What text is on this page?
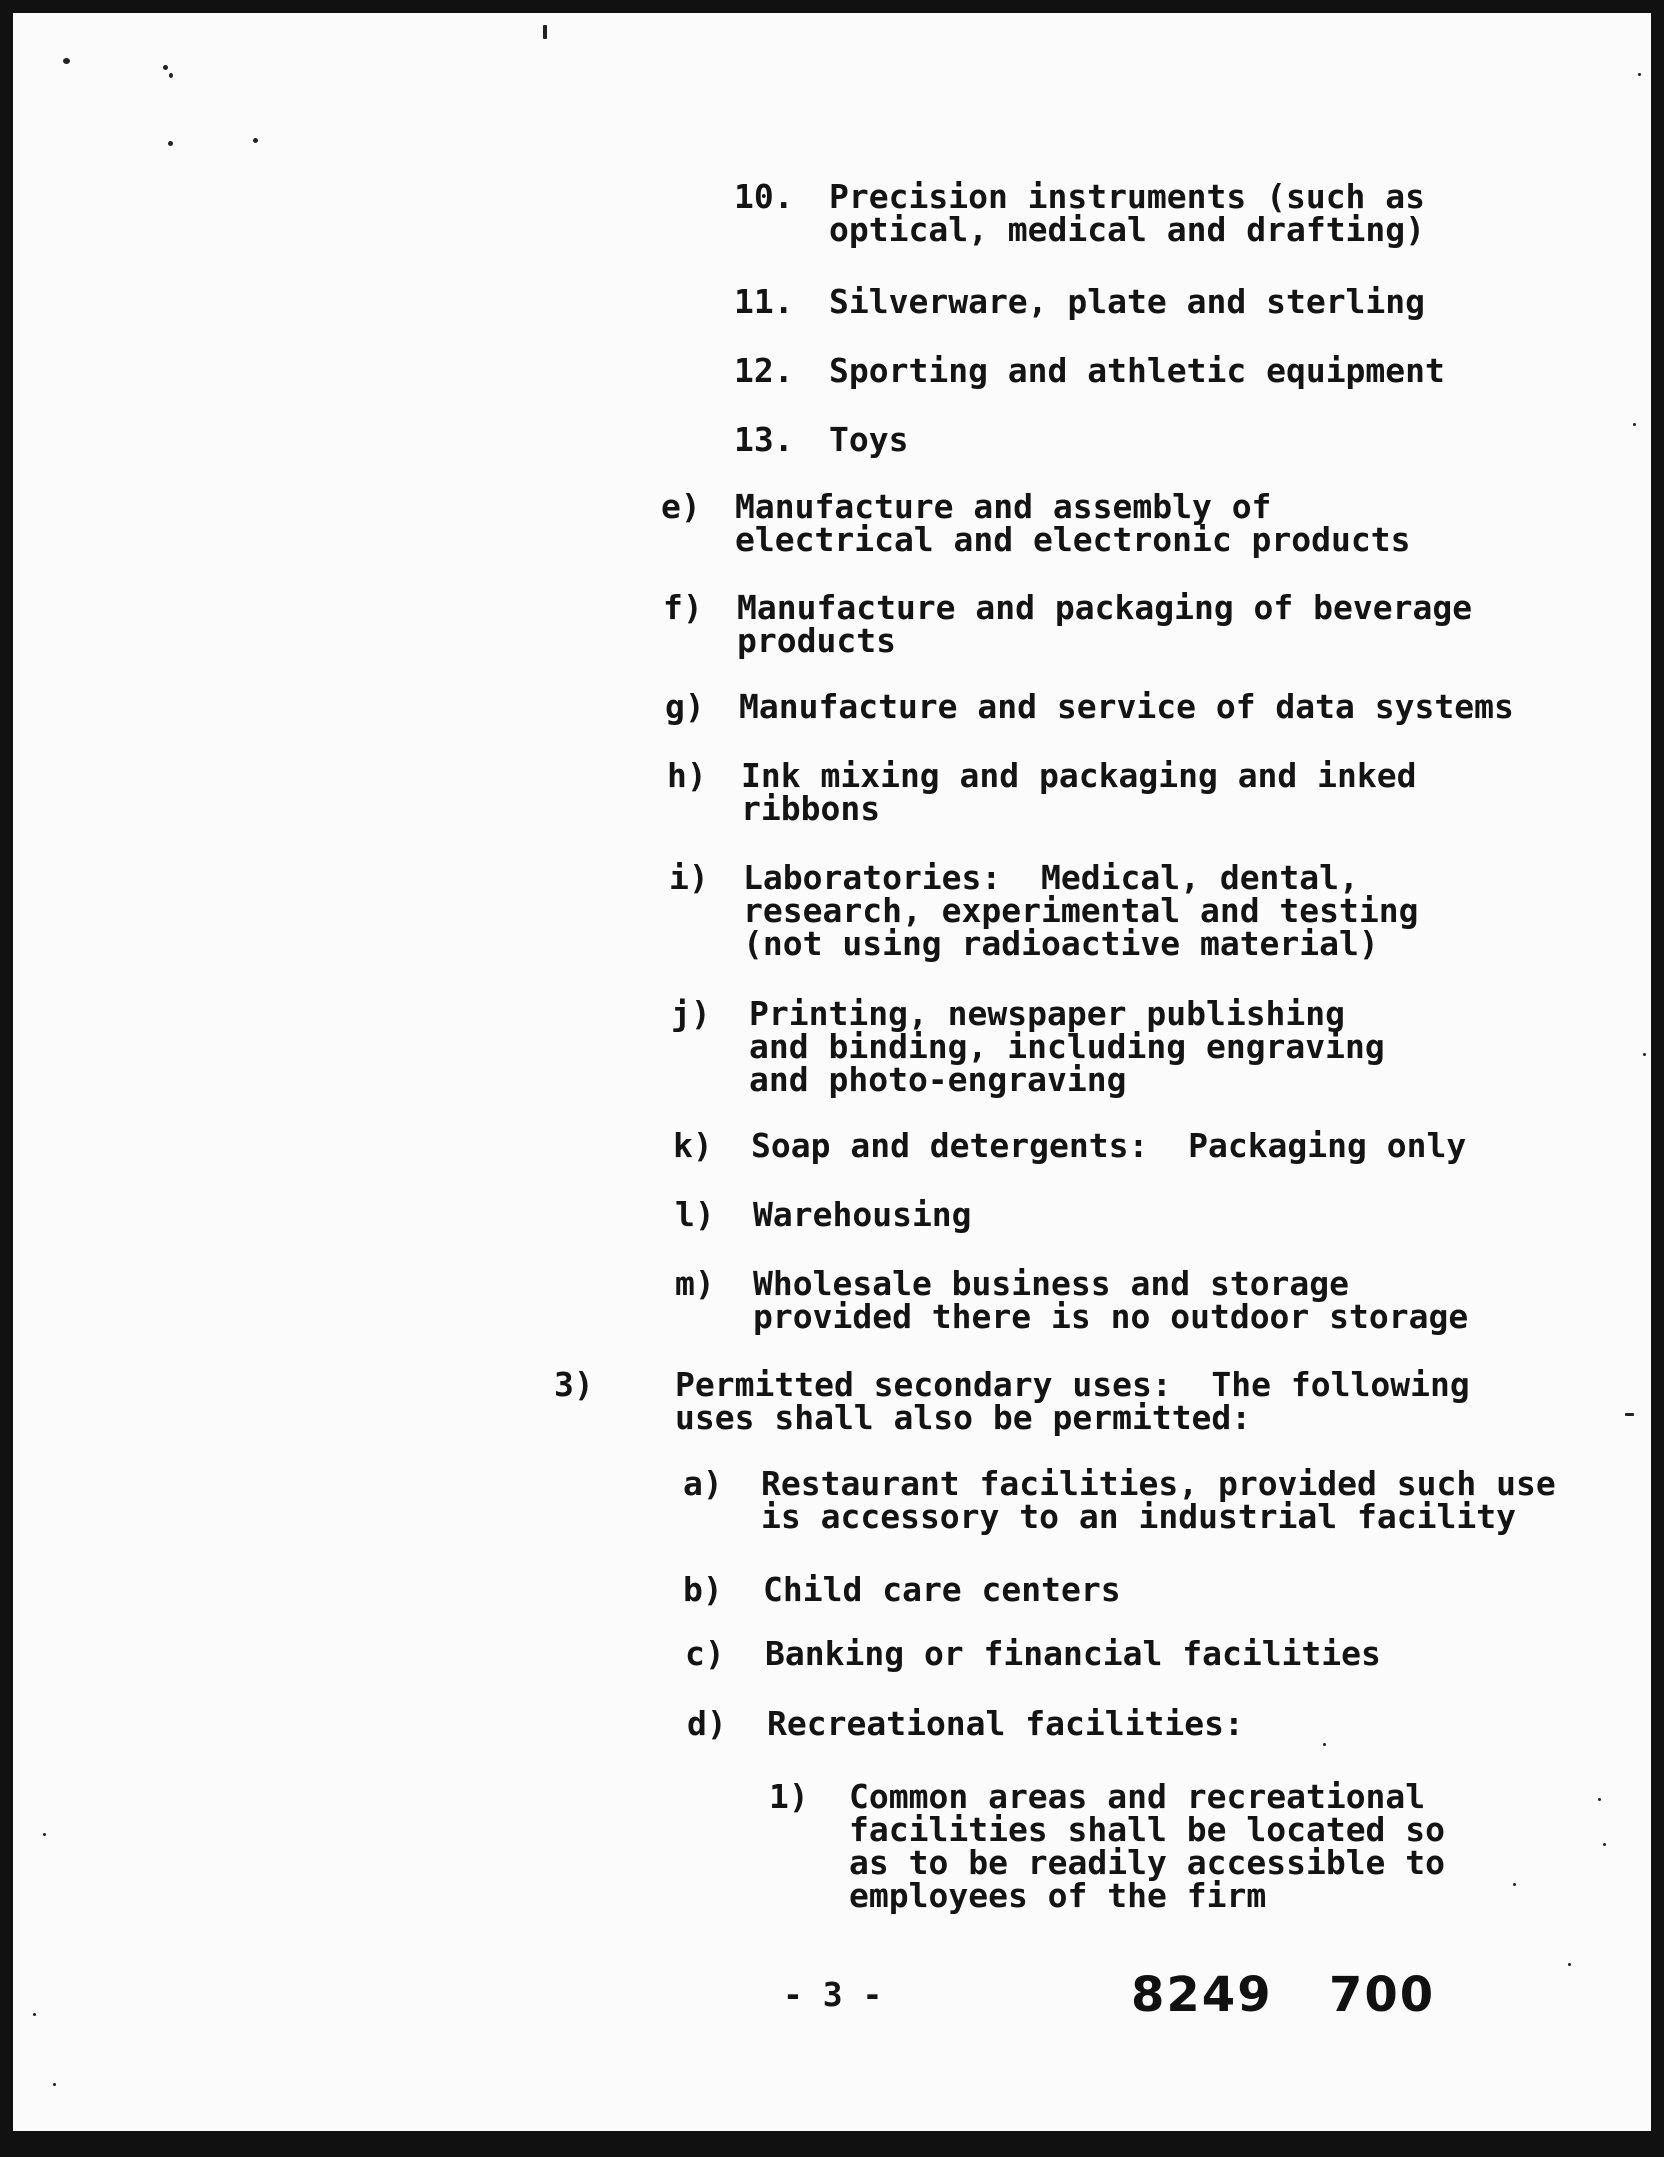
10. Precision instruments (such as
optical, medical and drafting)
11. Silverware, plate and sterling
12. Sporting and athletic equipment
13. Toys
e) Manufacture and assembly of
electrical and electronic products
f) Manufacture and packaging of beverage
products
g) Manufacture and service of data systems
h) Ink mixing and packaging and inked
ribbons
i) Laboratories:  Medical, dental,
research, experimental and testing
(not using radioactive material)
j) Printing, newspaper publishing
and binding, including engraving
and photo-engraving
k) Soap and detergents:  Packaging only
l) Warehousing
m) Wholesale business and storage
provided there is no outdoor storage
3) Permitted secondary uses:  The following
uses shall also be permitted:
a) Restaurant facilities, provided such use
is accessory to an industrial facility
b) Child care centers
c) Banking or financial facilities
d) Recreational facilities:
1) Common areas and recreational
facilities shall be located so
as to be readily accessible to
employees of the firm
- 3 -	8249 700
